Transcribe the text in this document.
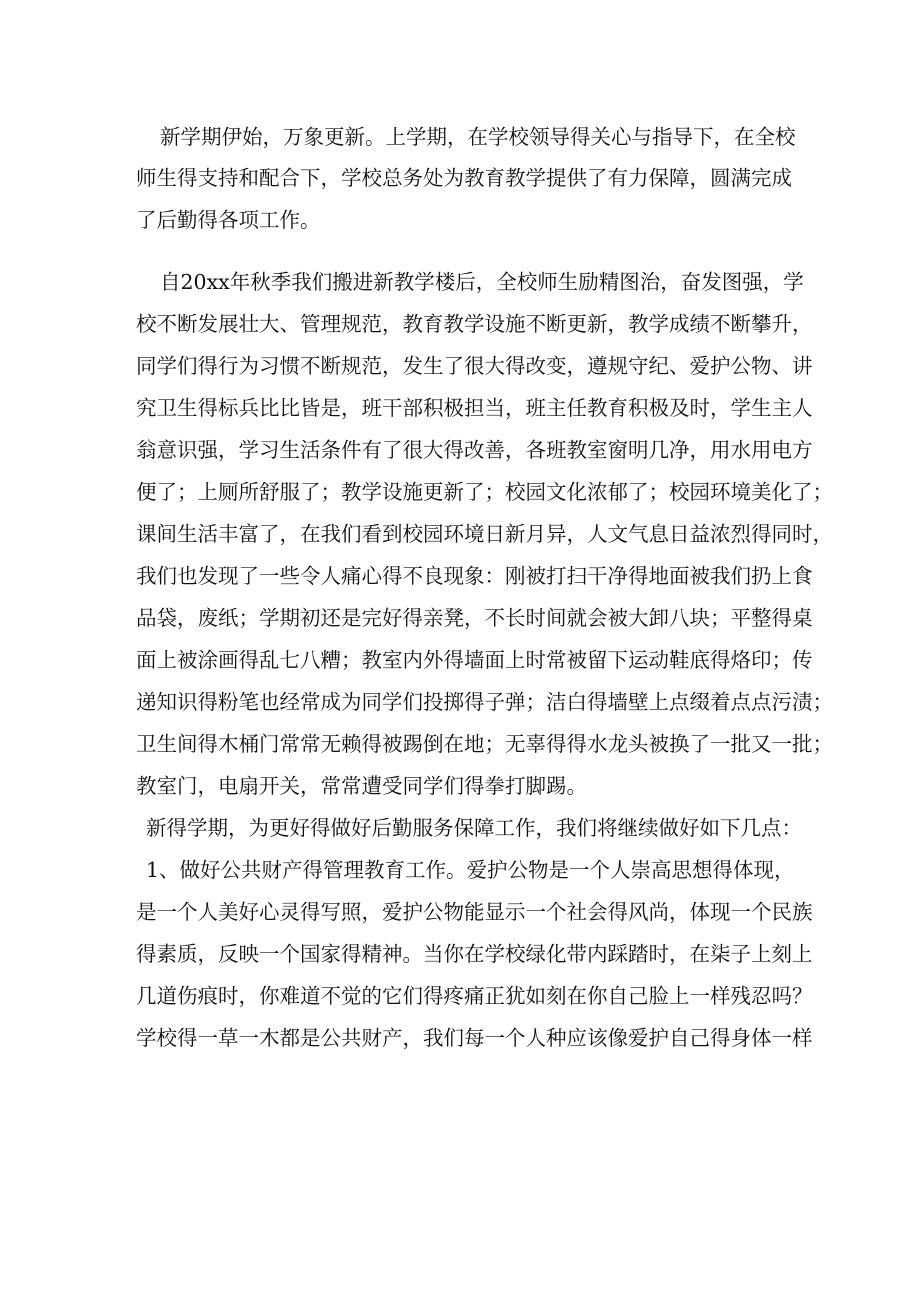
新学期伊始，万象更新。上学期，在学校领导得关心与指导下，在全校
师生得支持和配合下，学校总务处为教育教学提供了有力保障，圆满完成
了后勤得各项工作。
自20xx年秋季我们搬进新教学楼后，全校师生励精图治，奋发图强，学
校不断发展壮大、管理规范，教育教学设施不断更新，教学成绩不断攀升，
同学们得行为习惯不断规范，发生了很大得改变，遵规守纪、爱护公物、讲
究卫生得标兵比比皆是，班干部积极担当，班主任教育积极及时，学生主人
翁意识强，学习生活条件有了很大得改善，各班教室窗明几净，用水用电方
便了；上厕所舒服了；教学设施更新了；校园文化浓郁了；校园环境美化了；
课间生活丰富了，在我们看到校园环境日新月异，人文气息日益浓烈得同时，
我们也发现了一些令人痛心得不良现象：刚被打扫干净得地面被我们扔上食
品袋，废纸；学期初还是完好得亲凳，不长时间就会被大卸八块；平整得桌
面上被涂画得乱七八糟；教室内外得墙面上时常被留下运动鞋底得烙印；传
递知识得粉笔也经常成为同学们投掷得子弹；洁白得墙壁上点缀着点点污渍；
卫生间得木桶门常常无赖得被踢倒在地；无辜得得水龙头被换了一批又一批；
教室门，电扇开关，常常遭受同学们得拳打脚踢。
新得学期，为更好得做好后勤服务保障工作，我们将继续做好如下几点：
1、做好公共财产得管理教育工作。爱护公物是一个人崇高思想得体现，
是一个人美好心灵得写照，爱护公物能显示一个社会得风尚，体现一个民族
得素质，反映一个国家得精神。当你在学校绿化带内踩踏时，在柒子上刻上
几道伤痕时，你难道不觉的它们得疼痛正犹如刻在你自己脸上一样残忍吗？
学校得一草一木都是公共财产，我们每一个人种应该像爱护自己得身体一样
